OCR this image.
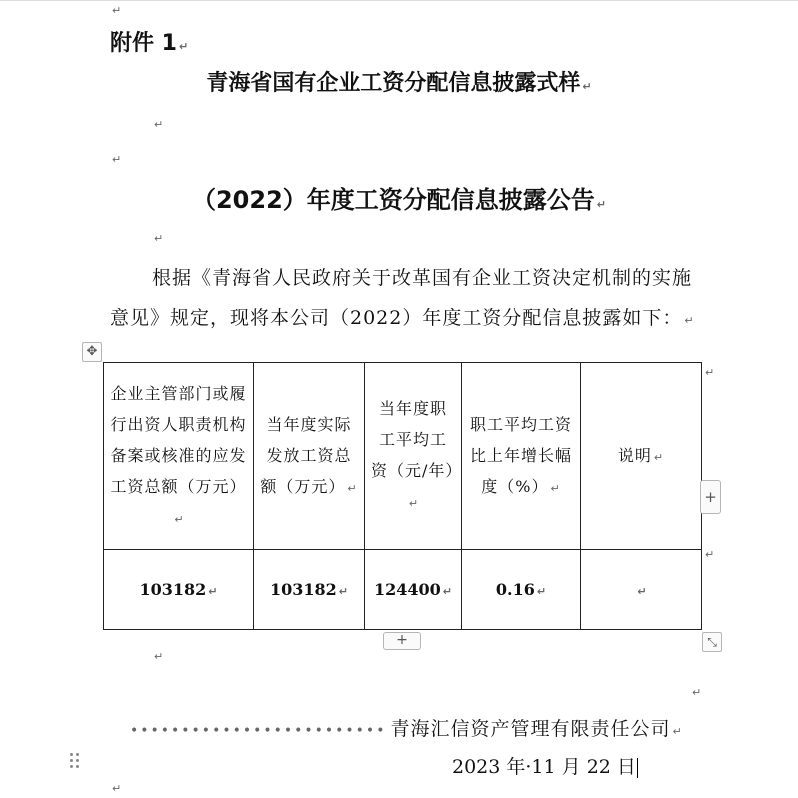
↵
附件 1 ↵
青海省国有企业工资分配信息披露式样 ↵
↵
↵
（2022）年度工资分配信息披露公告 ↵
↵
根据《青海省人民政府关于改革国有企业工资决定机制的实施意见》规定，现将本公司（2022）年度工资分配信息披露如下： ↵
✥
企业主管部门或履行出资人职责机构备案或核准的应发工资总额（万元）↵	当年度实际发放工资总额（万元） ↵	当年度职工平均工资（元/年）↵	职工平均工资比上年增长幅度（%） ↵	说明 ↵
103182 ↵	103182 ↵	124400 ↵	0.16 ↵	↵
↵
↵
+
+	⤡
↵
↵
••••••••••••••••••••••••• 青海汇信资产管理有限责任公司 ↵
2023 年·11 月 22 日
↵
